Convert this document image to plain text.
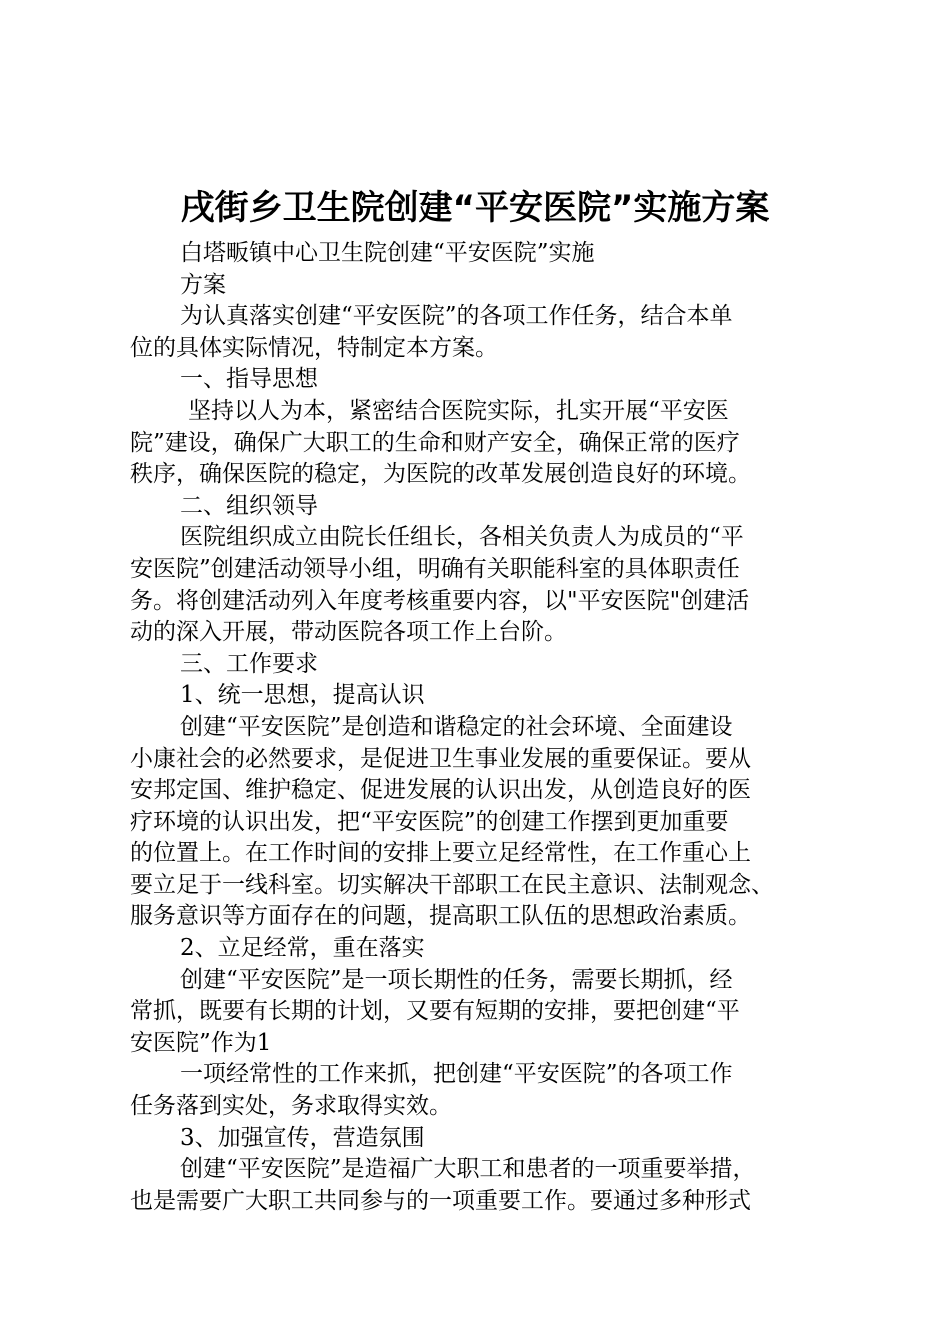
戌街乡卫生院创建“平安医院”实施方案
白塔畈镇中心卫生院创建“平安医院”实施
方案
为认真落实创建“平安医院”的各项工作任务，结合本单
位的具体实际情况，特制定本方案。
一、指导思想
坚持以人为本，紧密结合医院实际，扎实开展“平安医
院”建设，确保广大职工的生命和财产安全，确保正常的医疗
秩序，确保医院的稳定，为医院的改革发展创造良好的环境。
二、组织领导
医院组织成立由院长任组长，各相关负责人为成员的“平
安医院”创建活动领导小组，明确有关职能科室的具体职责任
务。将创建活动列入年度考核重要内容，以"平安医院"创建活
动的深入开展，带动医院各项工作上台阶。
三、工作要求
1、统一思想，提高认识
创建“平安医院”是创造和谐稳定的社会环境、全面建设
小康社会的必然要求，是促进卫生事业发展的重要保证。要从
安邦定国、维护稳定、促进发展的认识出发，从创造良好的医
疗环境的认识出发，把“平安医院”的创建工作摆到更加重要
的位置上。在工作时间的安排上要立足经常性，在工作重心上
要立足于一线科室。切实解决干部职工在民主意识、法制观念、
服务意识等方面存在的问题，提高职工队伍的思想政治素质。
2、立足经常，重在落实
创建“平安医院”是一项长期性的任务，需要长期抓，经
常抓，既要有长期的计划，又要有短期的安排，要把创建“平
安医院”作为1
一项经常性的工作来抓，把创建“平安医院”的各项工作
任务落到实处，务求取得实效。
3、加强宣传，营造氛围
创建“平安医院”是造福广大职工和患者的一项重要举措，
也是需要广大职工共同参与的一项重要工作。要通过多种形式
